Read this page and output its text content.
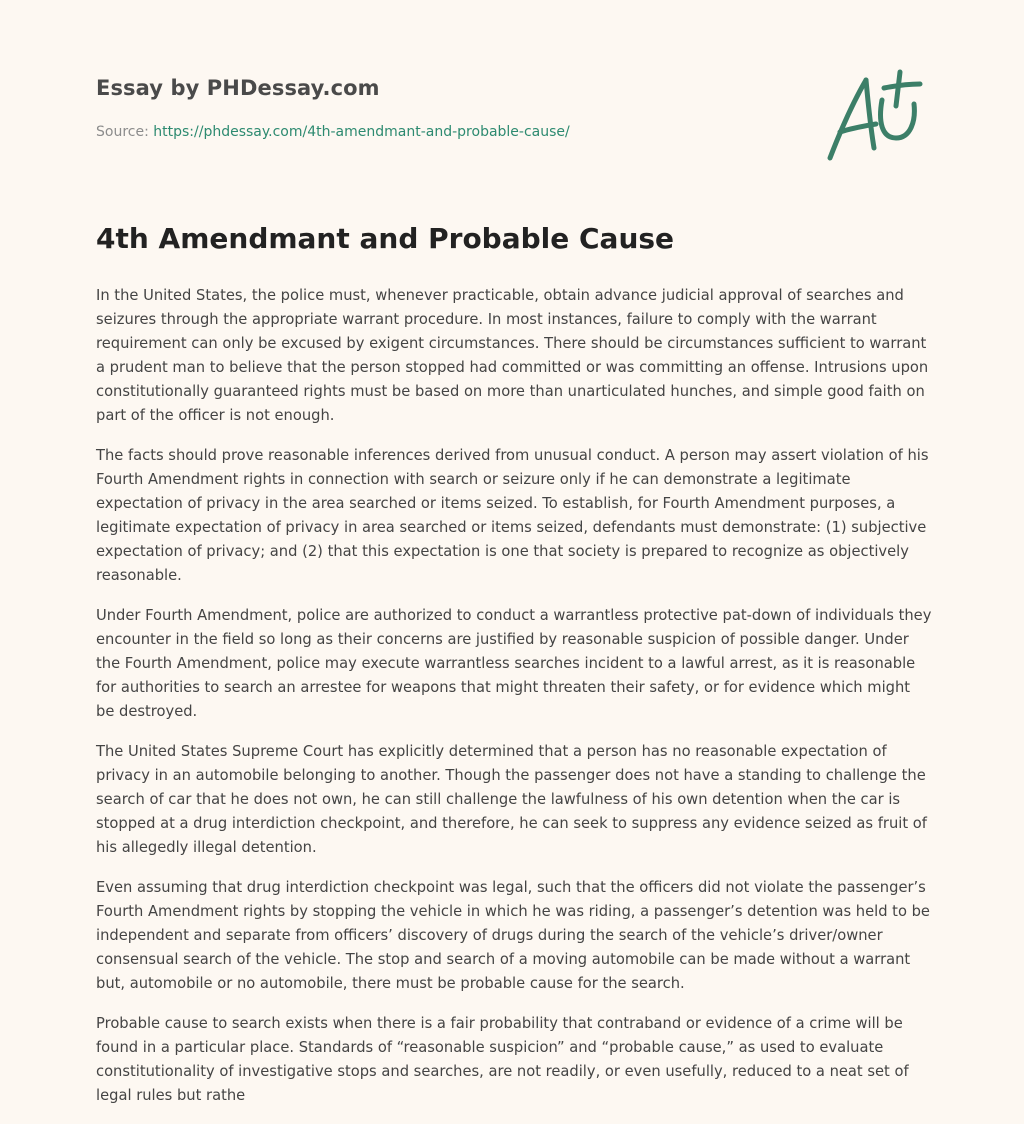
Essay by PHDessay.com

Source: https://phdessay.com/4th-amendmant-and-probable-cause/

4th Amendmant and Probable Cause

In the United States, the police must, whenever practicable, obtain advance judicial approval of searches and seizures through the appropriate warrant procedure. In most instances, failure to comply with the warrant requirement can only be excused by exigent circumstances. There should be circumstances sufficient to warrant a prudent man to believe that the person stopped had committed or was committing an offense. Intrusions upon constitutionally guaranteed rights must be based on more than unarticulated hunches, and simple good faith on part of the officer is not enough.

The facts should prove reasonable inferences derived from unusual conduct. A person may assert violation of his Fourth Amendment rights in connection with search or seizure only if he can demonstrate a legitimate expectation of privacy in the area searched or items seized. To establish, for Fourth Amendment purposes, a legitimate expectation of privacy in area searched or items seized, defendants must demonstrate: (1) subjective expectation of privacy; and (2) that this expectation is one that society is prepared to recognize as objectively reasonable.

Under Fourth Amendment, police are authorized to conduct a warrantless protective pat-down of individuals they encounter in the field so long as their concerns are justified by reasonable suspicion of possible danger. Under the Fourth Amendment, police may execute warrantless searches incident to a lawful arrest, as it is reasonable for authorities to search an arrestee for weapons that might threaten their safety, or for evidence which might be destroyed.

The United States Supreme Court has explicitly determined that a person has no reasonable expectation of privacy in an automobile belonging to another. Though the passenger does not have a standing to challenge the search of car that he does not own, he can still challenge the lawfulness of his own detention when the car is stopped at a drug interdiction checkpoint, and therefore, he can seek to suppress any evidence seized as fruit of his allegedly illegal detention.

Even assuming that drug interdiction checkpoint was legal, such that the officers did not violate the passenger’s Fourth Amendment rights by stopping the vehicle in which he was riding, a passenger’s detention was held to be independent and separate from officers’ discovery of drugs during the search of the vehicle’s driver/owner consensual search of the vehicle. The stop and search of a moving automobile can be made without a warrant but, automobile or no automobile, there must be probable cause for the search.

Probable cause to search exists when there is a fair probability that contraband or evidence of a crime will be found in a particular place. Standards of “reasonable suspicion” and “probable cause,” as used to evaluate constitutionality of investigative stops and searches, are not readily, or even usefully, reduced to a neat set of legal rules but rathe
